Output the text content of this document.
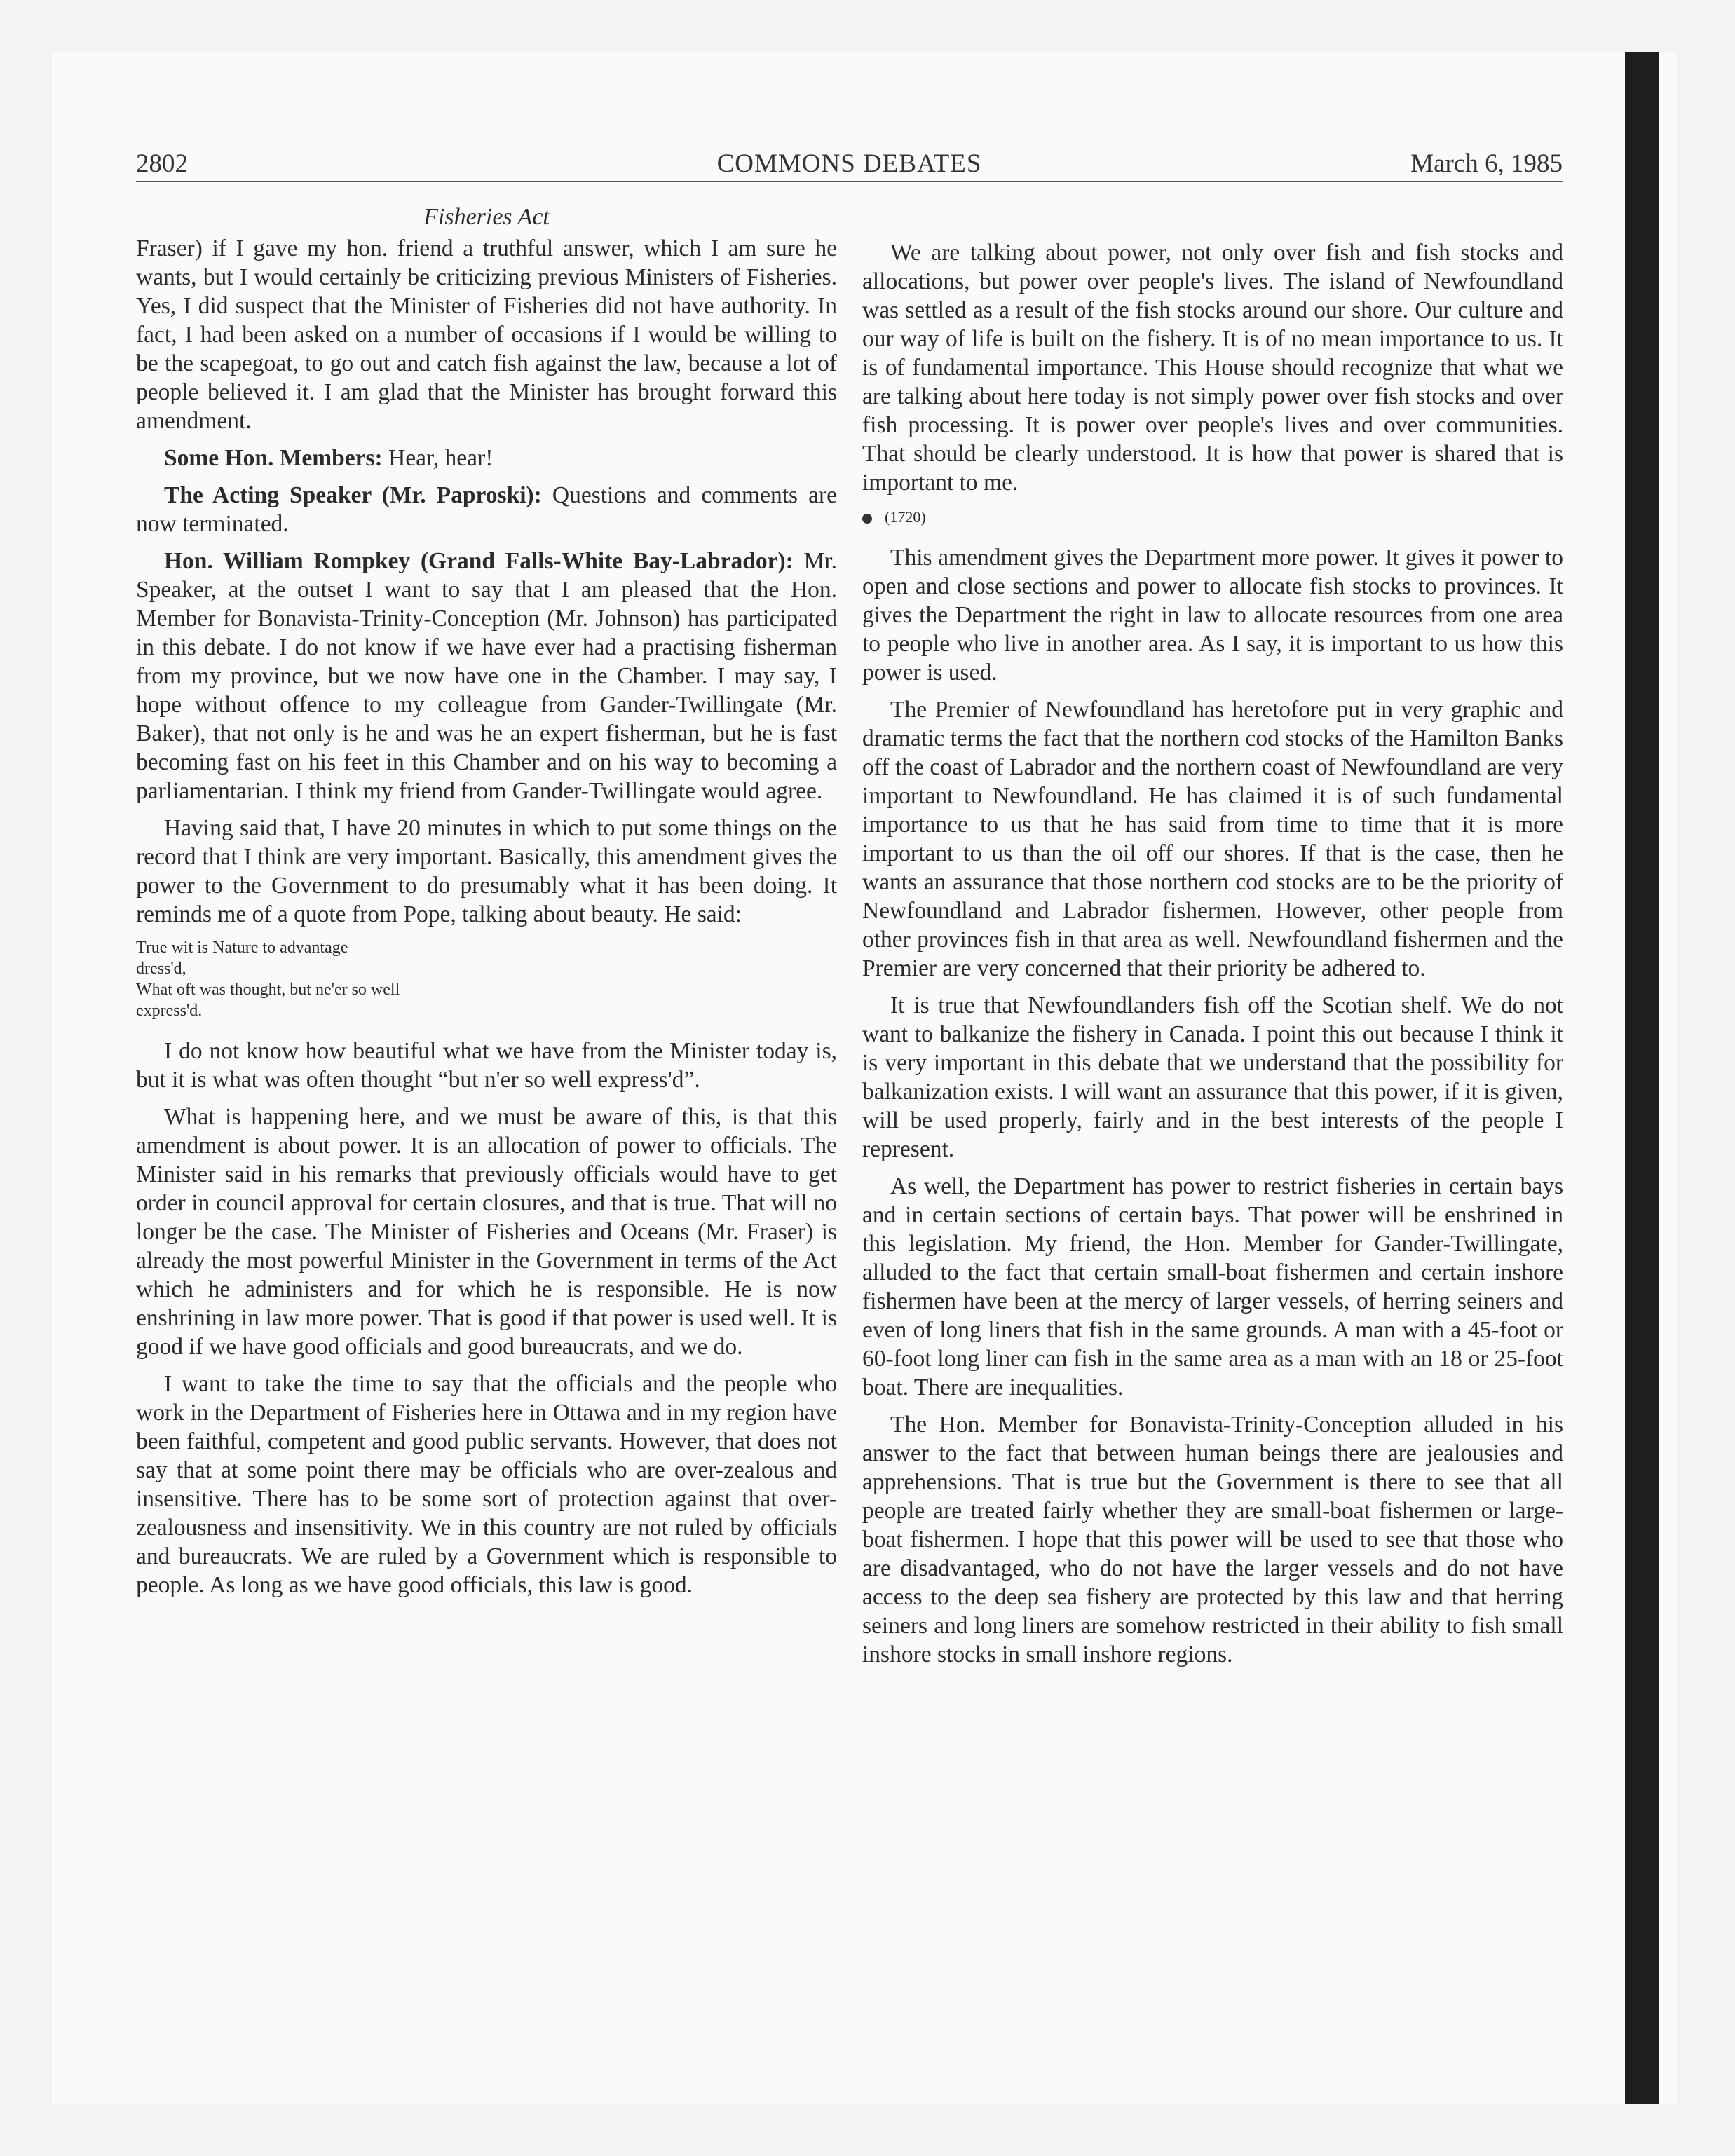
2802	COMMONS DEBATES	March 6, 1985
Fisheries Act

Fraser) if I gave my hon. friend a truthful answer, which I am sure he wants, but I would certainly be criticizing previous Ministers of Fisheries. Yes, I did suspect that the Minister of Fisheries did not have authority. In fact, I had been asked on a number of occasions if I would be willing to be the scapegoat, to go out and catch fish against the law, because a lot of people believed it. I am glad that the Minister has brought forward this amendment.

Some Hon. Members: Hear, hear!

The Acting Speaker (Mr. Paproski): Questions and comments are now terminated.

Hon. William Rompkey (Grand Falls-White Bay-Labrador): Mr. Speaker, at the outset I want to say that I am pleased that the Hon. Member for Bonavista-Trinity-Conception (Mr. Johnson) has participated in this debate. I do not know if we have ever had a practising fisherman from my province, but we now have one in the Chamber. I may say, I hope without offence to my colleague from Gander-Twillingate (Mr. Baker), that not only is he and was he an expert fisherman, but he is fast becoming fast on his feet in this Chamber and on his way to becoming a parliamentarian. I think my friend from Gander-Twillingate would agree.

Having said that, I have 20 minutes in which to put some things on the record that I think are very important. Basically, this amendment gives the power to the Government to do presumably what it has been doing. It reminds me of a quote from Pope, talking about beauty. He said:

True wit is Nature to advantage
dress'd,
What oft was thought, but ne'er so well
express'd.

I do not know how beautiful what we have from the Minister today is, but it is what was often thought “but n'er so well express'd”.

What is happening here, and we must be aware of this, is that this amendment is about power. It is an allocation of power to officials. The Minister said in his remarks that previously officials would have to get order in council approval for certain closures, and that is true. That will no longer be the case. The Minister of Fisheries and Oceans (Mr. Fraser) is already the most powerful Minister in the Government in terms of the Act which he administers and for which he is responsible. He is now enshrining in law more power. That is good if that power is used well. It is good if we have good officials and good bureaucrats, and we do.

I want to take the time to say that the officials and the people who work in the Department of Fisheries here in Ottawa and in my region have been faithful, competent and good public servants. However, that does not say that at some point there may be officials who are over-zealous and insensitive. There has to be some sort of protection against that over-zealousness and insensitivity. We in this country are not ruled by officials and bureaucrats. We are ruled by a Government which is responsible to people. As long as we have good officials, this law is good.

We are talking about power, not only over fish and fish stocks and allocations, but power over people's lives. The island of Newfoundland was settled as a result of the fish stocks around our shore. Our culture and our way of life is built on the fishery. It is of no mean importance to us. It is of fundamental importance. This House should recognize that what we are talking about here today is not simply power over fish stocks and over fish processing. It is power over people's lives and over communities. That should be clearly understood. It is how that power is shared that is important to me.

(1720)

This amendment gives the Department more power. It gives it power to open and close sections and power to allocate fish stocks to provinces. It gives the Department the right in law to allocate resources from one area to people who live in another area. As I say, it is important to us how this power is used.

The Premier of Newfoundland has heretofore put in very graphic and dramatic terms the fact that the northern cod stocks of the Hamilton Banks off the coast of Labrador and the northern coast of Newfoundland are very important to Newfoundland. He has claimed it is of such fundamental importance to us that he has said from time to time that it is more important to us than the oil off our shores. If that is the case, then he wants an assurance that those northern cod stocks are to be the priority of Newfoundland and Labrador fishermen. However, other people from other provinces fish in that area as well. Newfoundland fishermen and the Premier are very concerned that their priority be adhered to.

It is true that Newfoundlanders fish off the Scotian shelf. We do not want to balkanize the fishery in Canada. I point this out because I think it is very important in this debate that we understand that the possibility for balkanization exists. I will want an assurance that this power, if it is given, will be used properly, fairly and in the best interests of the people I represent.

As well, the Department has power to restrict fisheries in certain bays and in certain sections of certain bays. That power will be enshrined in this legislation. My friend, the Hon. Member for Gander-Twillingate, alluded to the fact that certain small-boat fishermen and certain inshore fishermen have been at the mercy of larger vessels, of herring seiners and even of long liners that fish in the same grounds. A man with a 45-foot or 60-foot long liner can fish in the same area as a man with an 18 or 25-foot boat. There are inequalities.

The Hon. Member for Bonavista-Trinity-Conception alluded in his answer to the fact that between human beings there are jealousies and apprehensions. That is true but the Government is there to see that all people are treated fairly whether they are small-boat fishermen or large-boat fishermen. I hope that this power will be used to see that those who are disadvantaged, who do not have the larger vessels and do not have access to the deep sea fishery are protected by this law and that herring seiners and long liners are somehow restricted in their ability to fish small inshore stocks in small inshore regions.
